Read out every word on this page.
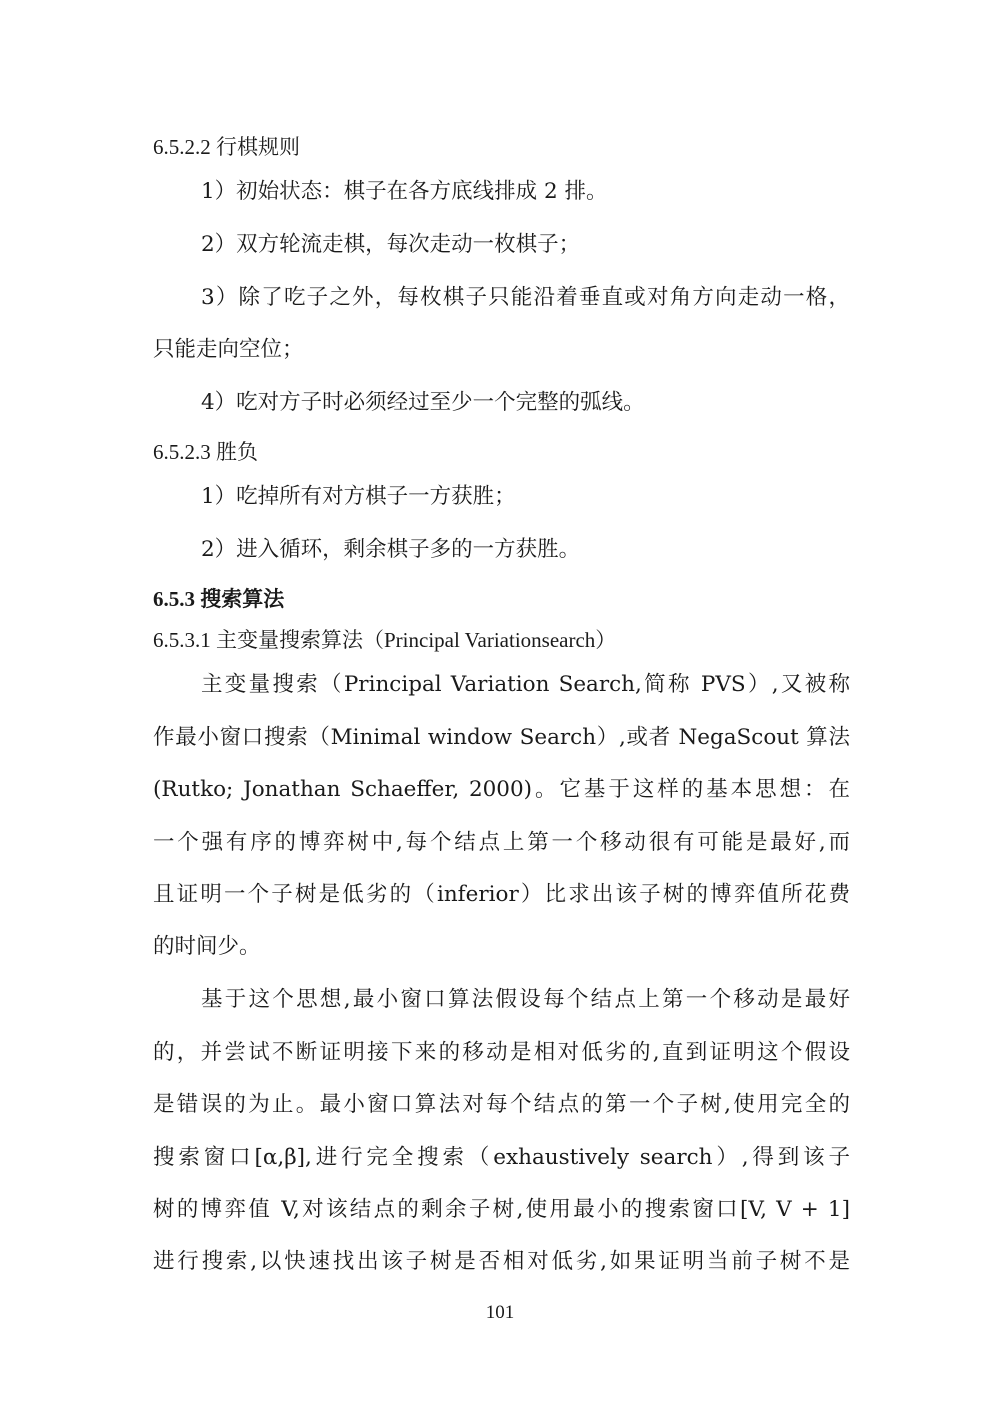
6.5.2.2 行棋规则
1）初始状态：棋子在各方底线排成 2 排。
2）双方轮流走棋，每次走动一枚棋子；
3）除了吃子之外，每枚棋子只能沿着垂直或对角方向走动一格，
只能走向空位；
4）吃对方子时必须经过至少一个完整的弧线。
6.5.2.3 胜负
1）吃掉所有对方棋子一方获胜；
2）进入循环，剩余棋子多的一方获胜。
6.5.3 搜索算法
6.5.3.1 主变量搜索算法（Principal Variationsearch）
主变量搜索（Principal Variation Search,简称 PVS）,又被称
作最小窗口搜索（Minimal window Search）,或者 NegaScout 算法
(Rutko; Jonathan Schaeffer, 2000)。它基于这样的基本思想：在
一个强有序的博弈树中,每个结点上第一个移动很有可能是最好,而
且证明一个子树是低劣的（inferior）比求出该子树的博弈值所花费
的时间少。
基于这个思想,最小窗口算法假设每个结点上第一个移动是最好
的，并尝试不断证明接下来的移动是相对低劣的,直到证明这个假设
是错误的为止。最小窗口算法对每个结点的第一个子树,使用完全的
搜索窗口[α,β],进行完全搜索（exhaustively search）,得到该子
树的博弈值 V,对该结点的剩余子树,使用最小的搜索窗口[V, V + 1]
进行搜索,以快速找出该子树是否相对低劣,如果证明当前子树不是
101
